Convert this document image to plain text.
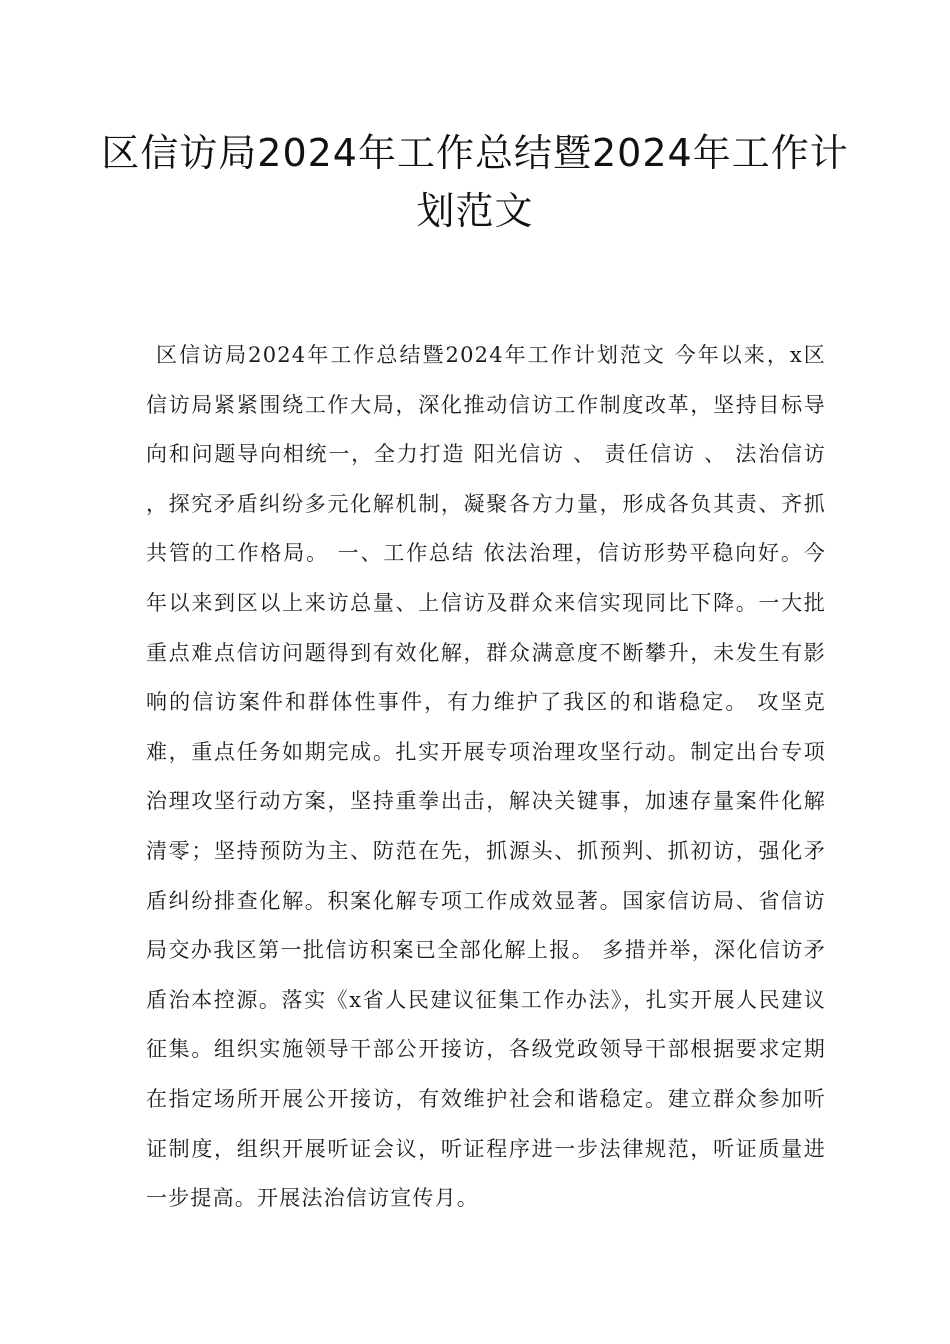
区信访局2024年工作总结暨2024年工作计划范文

区信访局2024年工作总结暨2024年工作计划范文 今年以来，x区信访局紧紧围绕工作大局，深化推动信访工作制度改革，坚持目标导向和问题导向相统一，全力打造 阳光信访 、 责任信访 、 法治信访 ，探究矛盾纠纷多元化解机制，凝聚各方力量，形成各负其责、齐抓共管的工作格局。 一、工作总结 依法治理，信访形势平稳向好。今年以来到区以上来访总量、上信访及群众来信实现同比下降。一大批重点难点信访问题得到有效化解，群众满意度不断攀升，未发生有影响的信访案件和群体性事件，有力维护了我区的和谐稳定。 攻坚克难，重点任务如期完成。扎实开展专项治理攻坚行动。制定出台专项治理攻坚行动方案，坚持重拳出击，解决关键事，加速存量案件化解清零；坚持预防为主、防范在先，抓源头、抓预判、抓初访，强化矛盾纠纷排查化解。积案化解专项工作成效显著。国家信访局、省信访局交办我区第一批信访积案已全部化解上报。 多措并举，深化信访矛盾治本控源。落实《x省人民建议征集工作办法》，扎实开展人民建议征集。组织实施领导干部公开接访，各级党政领导干部根据要求定期在指定场所开展公开接访，有效维护社会和谐稳定。建立群众参加听证制度，组织开展听证会议，听证程序进一步法律规范，听证质量进一步提高。开展法治信访宣传月。
